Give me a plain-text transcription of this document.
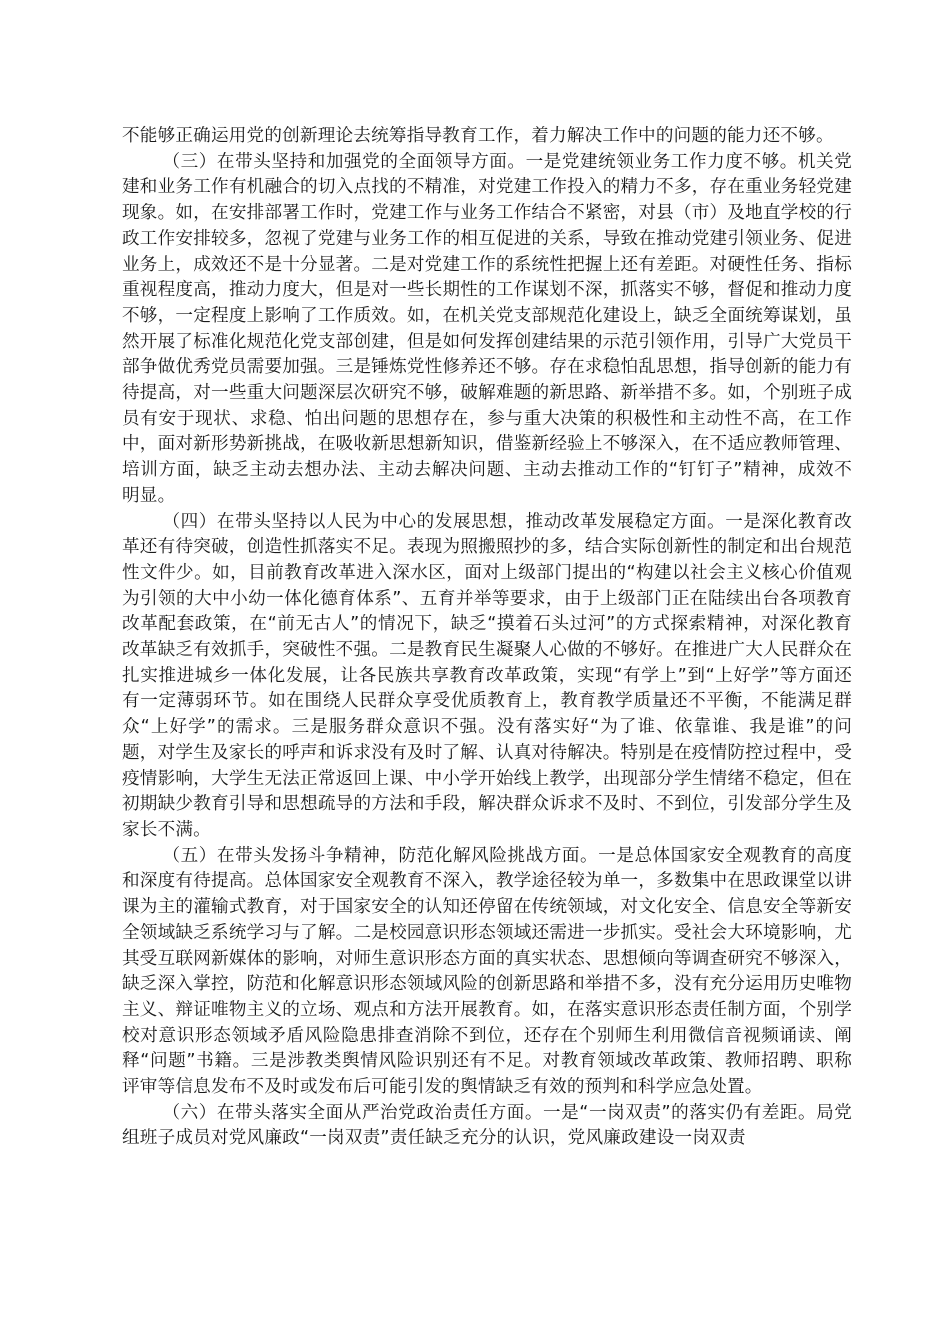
不能够正确运用党的创新理论去统筹指导教育工作，着力解决工作中的问题的能力还不够。

（三）在带头坚持和加强党的全面领导方面。一是党建统领业务工作力度不够。机关党建和业务工作有机融合的切入点找的不精准，对党建工作投入的精力不多，存在重业务轻党建现象。如，在安排部署工作时，党建工作与业务工作结合不紧密，对县（市）及地直学校的行政工作安排较多，忽视了党建与业务工作的相互促进的关系，导致在推动党建引领业务、促进业务上，成效还不是十分显著。二是对党建工作的系统性把握上还有差距。对硬性任务、指标重视程度高，推动力度大，但是对一些长期性的工作谋划不深，抓落实不够，督促和推动力度不够，一定程度上影响了工作质效。如，在机关党支部规范化建设上，缺乏全面统筹谋划，虽然开展了标准化规范化党支部创建，但是如何发挥创建结果的示范引领作用，引导广大党员干部争做优秀党员需要加强。三是锤炼党性修养还不够。存在求稳怕乱思想，指导创新的能力有待提高，对一些重大问题深层次研究不够，破解难题的新思路、新举措不多。如，个别班子成员有安于现状、求稳、怕出问题的思想存在，参与重大决策的积极性和主动性不高，在工作中，面对新形势新挑战，在吸收新思想新知识，借鉴新经验上不够深入，在不适应教师管理、培训方面，缺乏主动去想办法、主动去解决问题、主动去推动工作的“钉钉子”精神，成效不明显。

（四）在带头坚持以人民为中心的发展思想，推动改革发展稳定方面。一是深化教育改革还有待突破，创造性抓落实不足。表现为照搬照抄的多，结合实际创新性的制定和出台规范性文件少。如，目前教育改革进入深水区，面对上级部门提出的“构建以社会主义核心价值观为引领的大中小幼一体化德育体系”、五育并举等要求，由于上级部门正在陆续出台各项教育改革配套政策，在“前无古人”的情况下，缺乏“摸着石头过河”的方式探索精神，对深化教育改革缺乏有效抓手，突破性不强。二是教育民生凝聚人心做的不够好。在推进广大人民群众在扎实推进城乡一体化发展，让各民族共享教育改革政策，实现“有学上”到“上好学”等方面还有一定薄弱环节。如在围绕人民群众享受优质教育上，教育教学质量还不平衡，不能满足群众“上好学”的需求。三是服务群众意识不强。没有落实好“为了谁、依靠谁、我是谁”的问题，对学生及家长的呼声和诉求没有及时了解、认真对待解决。特别是在疫情防控过程中，受疫情影响，大学生无法正常返回上课、中小学开始线上教学，出现部分学生情绪不稳定，但在初期缺少教育引导和思想疏导的方法和手段，解决群众诉求不及时、不到位，引发部分学生及家长不满。

（五）在带头发扬斗争精神，防范化解风险挑战方面。一是总体国家安全观教育的高度和深度有待提高。总体国家安全观教育不深入，教学途径较为单一，多数集中在思政课堂以讲课为主的灌输式教育，对于国家安全的认知还停留在传统领域，对文化安全、信息安全等新安全领域缺乏系统学习与了解。二是校园意识形态领域还需进一步抓实。受社会大环境影响，尤其受互联网新媒体的影响，对师生意识形态方面的真实状态、思想倾向等调查研究不够深入，缺乏深入掌控，防范和化解意识形态领域风险的创新思路和举措不多，没有充分运用历史唯物主义、辩证唯物主义的立场、观点和方法开展教育。如，在落实意识形态责任制方面，个别学校对意识形态领域矛盾风险隐患排查消除不到位，还存在个别师生利用微信音视频诵读、阐释“问题”书籍。三是涉教类舆情风险识别还有不足。对教育领域改革政策、教师招聘、职称评审等信息发布不及时或发布后可能引发的舆情缺乏有效的预判和科学应急处置。

（六）在带头落实全面从严治党政治责任方面。一是“一岗双责”的落实仍有差距。局党组班子成员对党风廉政“一岗双责”责任缺乏充分的认识，党风廉政建设一岗双责
